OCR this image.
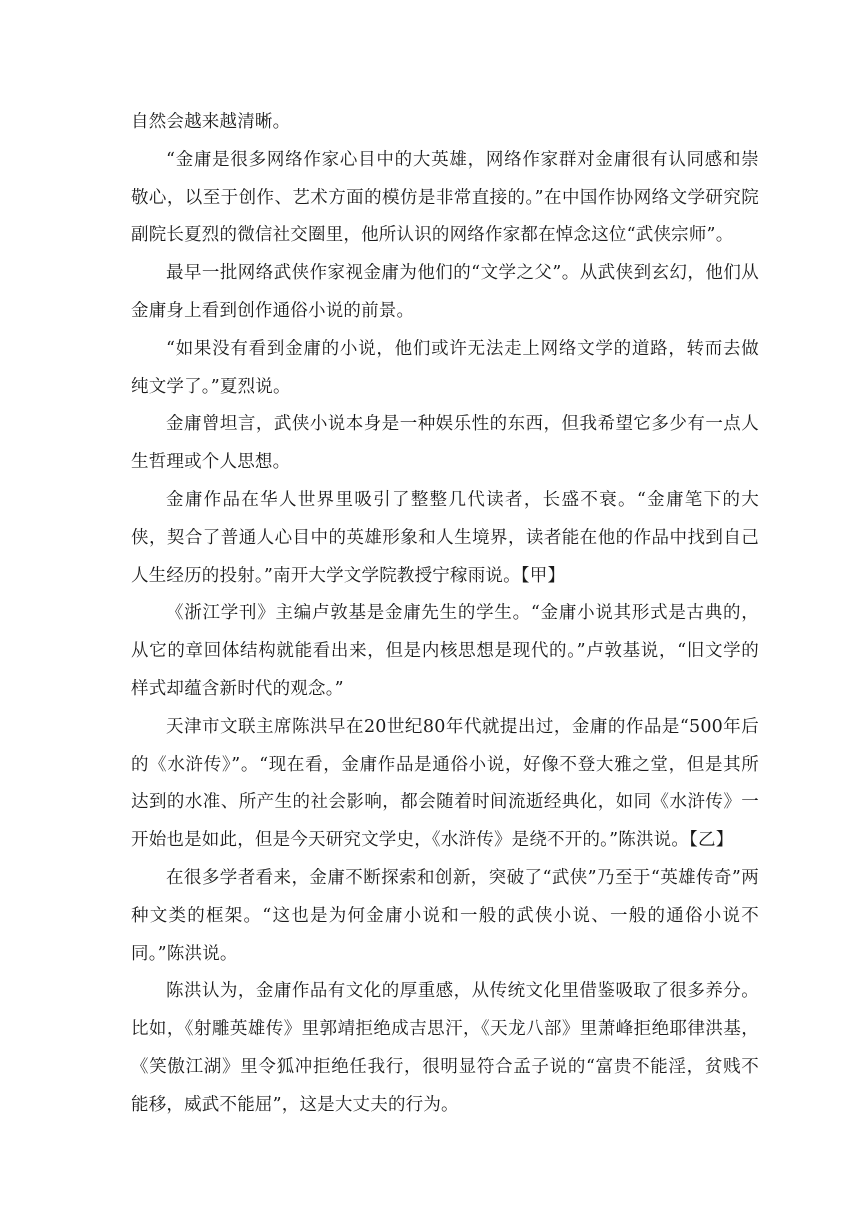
自然会越来越清晰。

“金庸是很多网络作家心目中的大英雄，网络作家群对金庸很有认同感和崇敬心，以至于创作、艺术方面的模仿是非常直接的。”在中国作协网络文学研究院副院长夏烈的微信社交圈里，他所认识的网络作家都在悼念这位“武侠宗师”。

最早一批网络武侠作家视金庸为他们的“文学之父”。从武侠到玄幻，他们从金庸身上看到创作通俗小说的前景。

“如果没有看到金庸的小说，他们或许无法走上网络文学的道路，转而去做纯文学了。”夏烈说。

金庸曾坦言，武侠小说本身是一种娱乐性的东西，但我希望它多少有一点人生哲理或个人思想。

金庸作品在华人世界里吸引了整整几代读者，长盛不衰。“金庸笔下的大侠，契合了普通人心目中的英雄形象和人生境界，读者能在他的作品中找到自己人生经历的投射。”南开大学文学院教授宁稼雨说。【甲】

《浙江学刊》主编卢敦基是金庸先生的学生。“金庸小说其形式是古典的，从它的章回体结构就能看出来，但是内核思想是现代的。”卢敦基说，“旧文学的样式却蕴含新时代的观念。”

天津市文联主席陈洪早在20世纪80年代就提出过，金庸的作品是“500年后的《水浒传》”。“现在看，金庸作品是通俗小说，好像不登大雅之堂，但是其所达到的水准、所产生的社会影响，都会随着时间流逝经典化，如同《水浒传》一开始也是如此，但是今天研究文学史，《水浒传》是绕不开的。”陈洪说。【乙】

在很多学者看来，金庸不断探索和创新，突破了“武侠”乃至于“英雄传奇”两种文类的框架。“这也是为何金庸小说和一般的武侠小说、一般的通俗小说不同。”陈洪说。

陈洪认为，金庸作品有文化的厚重感，从传统文化里借鉴吸取了很多养分。比如，《射雕英雄传》里郭靖拒绝成吉思汗，《天龙八部》里萧峰拒绝耶律洪基，《笑傲江湖》里令狐冲拒绝任我行，很明显符合孟子说的“富贵不能淫，贫贱不能移，威武不能屈”，这是大丈夫的行为。
